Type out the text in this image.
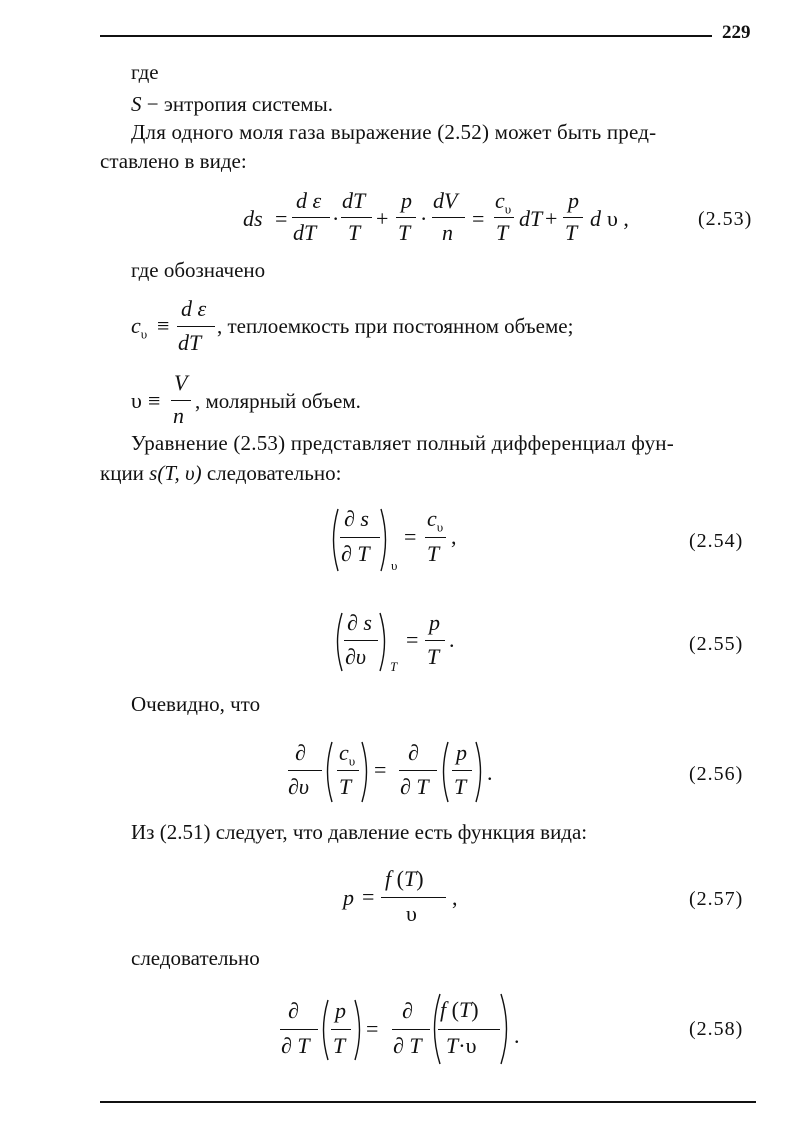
229
где
S − энтропия системы.
Для одного моля газа выражение (2.52) может быть пред-
ставлено в виде:
ds =
d ε
dT
·
dT
T
+
p
T
·
dV
n
=
$c_\upsilon$
T
dT +
p
T
d υ ,	(2.53)
где обозначено
$c_\upsilon$ ≡
d ε
dT
, теплоемкость при постоянном объеме;
υ ≡
V
n
, молярный объем.
Уравнение (2.53) представляет полный дифференциал фун-
кции s(T, υ) следовательно:
∂ s
∂ T υ
=
$c_\upsilon$
T
,	(2.54)
∂ s
∂υ T
=
p
T
.	(2.55)
Очевидно, что
∂
∂υ
$c_\upsilon$
T
=
∂
∂ T
p
T
.	(2.56)
Из (2.51) следует, что давление есть функция вида:
p =
f (T)
υ
,	(2.57)
следовательно
∂
∂ T
p
T
=
∂
∂ T
f (T)
T·υ .	(2.58)
